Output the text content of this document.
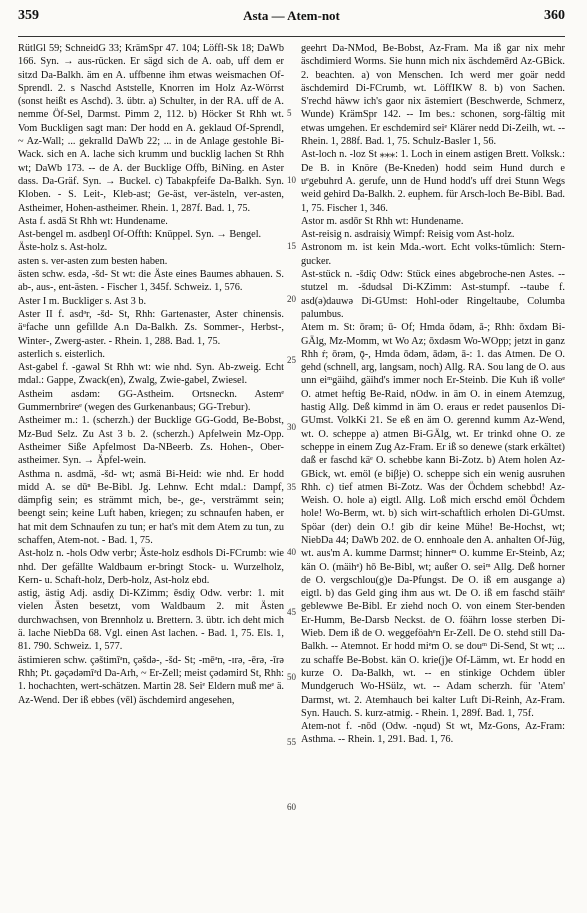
359	Asta — Atem-not	360

RütlGl 59; SchneidG 33; KrämSpr 47. 104; Löffl-Sk 18; DaWb 166. Syn. → aus-rücken. Er sägd sich de A. oab, uff dem er sitzd Da-Balkh. äm en A. uffbenne ihm etwas weismachen Of-Sprendl. 2. s Naschd Aststelle, Knorren im Holz Az-Wörrst (sonst heißt es Aschd). 3. übtr. a) Schulter, in der RA. uff de A. nemme Öf-Sel, Darmst. Pimm 2, 112. b) Höcker St Rhh wt. Vom Buckligen sagt man: Der hodd en A. geklaud Of-Sprendl, ~ Az-Wall; ... gekralld DaWb 22; ... in de Anlage gestohle Bi-Wack. sich en A. lache sich krumm und bucklig lachen St Rhh wt; DaWb 173. -- de A. der Bucklige Offb, BiNing. en Aster dass. Da-Gräf. Syn. → Buckel. c) Tabakpfeife Da-Balkh. Syn. Kloben. - S. Leit-, Kleb-ast; Ge-äst, ver-ästeln, ver-asten, Astheimer, Hohen-astheimer. Rhein. 1, 287f. Bad. 1, 75.

Asta f. asdä St Rhh wt: Hundename.

Ast-bengel m. asdbeŋl Of-Offth: Knüppel. Syn. → Bengel.

Äste-holz s. Ast-holz.

asten s. ver-asten zum besten haben.

ästen schw. esdə, -šd- St wt: die Äste eines Baumes abhauen. S. ab-, aus-, ent-ästen. - Fischer 1, 345f. Schweiz. 1, 576.

Aster I m. Buckliger s. Ast 3 b.

Aster II f. asdᵊr, -šd- St, Rhh: Gartenaster, Aster chinensis. äᵘfache unn gefillde A.n Da-Balkh. Zs. Sommer-, Herbst-, Winter-, Zwerg-aster. - Rhein. 1, 288. Bad. 1, 75.

asterlich s. eisterlich.

Ast-gabel f. -gawəl St Rhh wt: wie nhd. Syn. Ab-zweig. Echt mdal.: Gappe, Zwack(en), Zwalg, Zwie-gabel, Zwiesel.

Astheim asdəm: GG-Astheim. Ortsneckn. Astemᵉ Gummernbrireᵉ (wegen des Gurkenanbaus; GG-Trebur).

Astheimer m.: 1. (scherzh.) der Bucklige GG-Godd, Be-Bobst, Mz-Bud Selz. Zu Ast 3 b. 2. (scherzh.) Apfelwein Mz-Opp. Astheimer Siße Apfelmost Da-NBeerb. Zs. Hohen-, Ober-astheimer. Syn. → Äpfel-wein.

Asthma n. asdmä, -šd- wt; asmä Bi-Heid: wie nhd. Er hodd midd A. se dūⁿ Be-Bibl. Jg. Lehnw. Echt mdal.: Dampf, dämpfig sein; es strämmt mich, be-, ge-, versträmmt sein; beengt sein; keine Luft haben, kriegen; zu schnaufen haben, er hat mit dem Schnaufen zu tun; er hat's mit dem Atem zu tun, zu schaffen, Atem-not. - Bad. 1, 75.

Ast-holz n. -hols Odw verbr; Äste-holz esdhols Di-FCrumb: wie nhd. Der gefällte Waldbaum er-bringt Stock- u. Wurzelholz, Kern- u. Schaft-holz, Derb-holz, Ast-holz ebd.

astig, ästig Adj. asdiχ Di-KZimm; ēsdiχ Odw. verbr: 1. mit vielen Ästen besetzt, vom Waldbaum 2. mit Ästen durchwachsen, von Brennholz u. Brettern. 3. übtr. ich deht mich ä. lache NiebDa 68. Vgl. einen Ast lachen. - Bad. 1, 75. Els. 1, 81. 790. Schweiz. 1, 577.

ästimieren schw. çəštimīᵊn, çəšdə-, -šd- St; -mēᵊn, -ɪrə, -ērə, -īrə Rhh; Pt. gəçədəmīᵊd Da-Arh, ~ Er-Zell; meist çədəmird St, Rhh: 1. hochachten, wert-schätzen. Martin 28. Seiᵉ Eldern muß meᵉ ä. Az-Wend. Der iß ebbes (vēl) äschdemird angesehen,

5
10
15
20
25
30
35
40
45
50
55
60

geehrt Da-NMod, Be-Bobst, Az-Fram. Ma iß gar nix mehr äschdimierd Worms. Sie hunn mich nix äschdemērd Az-GBick. 2. beachten. a) von Menschen. Ich werd mer goär nedd äschdemird Di-FCrumb, wt. LöffIKW 8. b) von Sachen. S'rechd häww ich's gaor nix ästemiert (Beschwerde, Schmerz, Wunde) KrämSpr 142. -- Im bes.: schonen, sorg-fältig mit etwas umgehen. Er eschdemird seiᵉ Klärer nedd Di-Zeilh, wt. -- Rhein. 1, 288f. Bad. 1, 75. Schulz-Basler 1, 56.

Ast-loch n. -loz St ⁎⁎⁎: 1. Loch in einem astigen Brett. Volksk.: De B. in Knöre (Be-Kneden) hodd seim Hund durch e uᵉgebuhrd A. gerufe, unn de Hund hodd's uff drei Stunn Wegs weid gehird Da-Balkh. 2. euphem. für Arsch-loch Be-Bibl. Bad. 1, 75. Fischer 1, 346.

Astor m. asdōr St Rhh wt: Hundename.

Ast-reisig n. asdraisiχ Wimpf: Reisig vom Ast-holz.

Astronom m. ist kein Mda.-wort. Echt volks-tümlich: Stern-gucker.

Ast-stück n. -šdiç Odw: Stück eines abgebroche-nen Astes. --stutzel m. -šdudsəl Di-KZimm: Ast-stumpf. --taube f. asd(ə)dauwə Di-GUmst: Hohl-oder Ringeltaube, Columba palumbus.

Atem m. St: ōrəm; ū- Of; Hmda ōdəm, ā-; Rhh: ōxdəm Bi-GÄlg, Mz-Momm, wt Wo Az; ōxdəsm Wo-WOpp; jetzt in ganz Rhh ŕ; ōrəm, ǭ-, Hmda ōdəm, ādəm, ā-: 1. das Atmen. De O. gehd (schnell, arg, langsam, noch) Allg. RA. Sou lang de O. aus unn eiᵐgäihd, gäihd's immer noch Er-Steinb. Die Kuh iß volleᵉ O. atmet heftig Be-Raid, nOdw. in äm O. in einem Atemzug, hastig Allg. Deß kimmd in äm O. eraus er redet pausenlos Di-GUmst. VolkKi 21. Se eß en äm O. gerennd kumm Az-Wend, wt. O. scheppe a) atmen Bi-GÄlg, wt. Er trinkd ohne O. ze scheppe in einem Zug Az-Fram. Er iß so denewe (stark erkältet) daß er faschd käᵉ O. schebbe kann Bi-Zotz. b) Atem holen Az-GBick, wt. emöl (e biβje) O. scheppe sich ein wenig ausruhen Rhh. c) tief atmen Bi-Zotz. Was der Öchdem schebbd! Az-Weish. O. hole a) eigtl. Allg. Loß mich erschd emöl Öchdem hole! Wo-Berm, wt. b) sich wirt-schaftlich erholen Di-GUmst. Spöar (der) dein O.! gib dir keine Mühe! Be-Hochst, wt; NiebDa 44; DaWb 202. de O. ennhoale den A. anhalten Of-Jüg, wt. aus'm A. kumme Darmst; hinnerᵐ O. kumme Er-Steinb, Az; kän O. (mäihᵉ) hō Be-Bibl, wt; außer O. seiᵐ Allg. Deß horner de O. vergschlou(g)e Da-Pfungst. De O. iß em ausgange a) eigtl. b) das Geld ging ihm aus wt. De O. iß em faschd stäihᵉ geblewwe Be-Bibl. Er ziehd noch O. von einem Ster-benden Er-Humm, Be-Darsb Neckst. de O. föährn losse sterben Di-Wieb. Dem iß de O. weggeföahᵉn Er-Zell. De O. stehd still Da-Balkh. -- Atemnot. Er hodd miᵉm O. se douᵐ Di-Send, St wt; ... zu schaffe Be-Bobst. kän O. krie(j)e Of-Lämm, wt. Er hodd en kurze O. Da-Balkh, wt. -- en stinkige Ochdem übler Mundgeruch Wo-HSülz, wt. -- Adam scherzh. für 'Atem' Darmst, wt. 2. Atemhauch bei kalter Luft Di-Reinh, Az-Fram. Syn. Hauch. S. kurz-atmig. - Rhein. 1, 289f. Bad. 1, 75f.

Atem-not f. -nōd (Odw. -nǫud) St wt, Mz-Gons, Az-Fram: Asthma. -- Rhein. 1, 291. Bad. 1, 76.
